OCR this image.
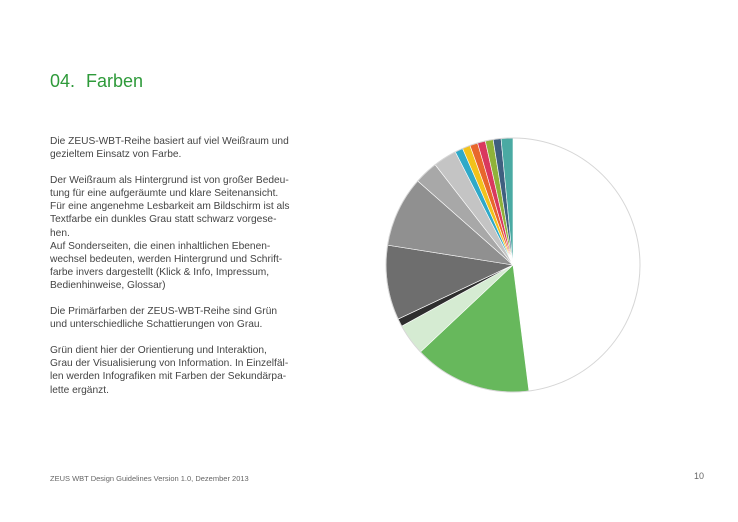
04. Farben

Die ZEUS-WBT-Reihe basiert auf viel Weißraum und
gezieltem Einsatz von Farbe.

Der Weißraum als Hintergrund ist von großer Bedeu-
tung für eine aufgeräumte und klare Seitenansicht.
Für eine angenehme Lesbarkeit am Bildschirm ist als
Textfarbe ein dunkles Grau statt schwarz vorgese-
hen.
Auf Sonderseiten, die einen inhaltlichen Ebenen-
wechsel bedeuten, werden Hintergrund und Schrift-
farbe invers dargestellt (Klick & Info, Impressum,
Bedienhinweise, Glossar)

Die Primärfarben der ZEUS-WBT-Reihe sind Grün
und unterschiedliche Schattierungen von Grau.

Grün dient hier der Orientierung und Interaktion,
Grau der Visualisierung von Information. In Einzelfäl-
len werden Infografiken mit Farben der Sekundärpa-
lette ergänzt.

ZEUS WBT Design Guidelines Version 1.0, Dezember 2013	10
